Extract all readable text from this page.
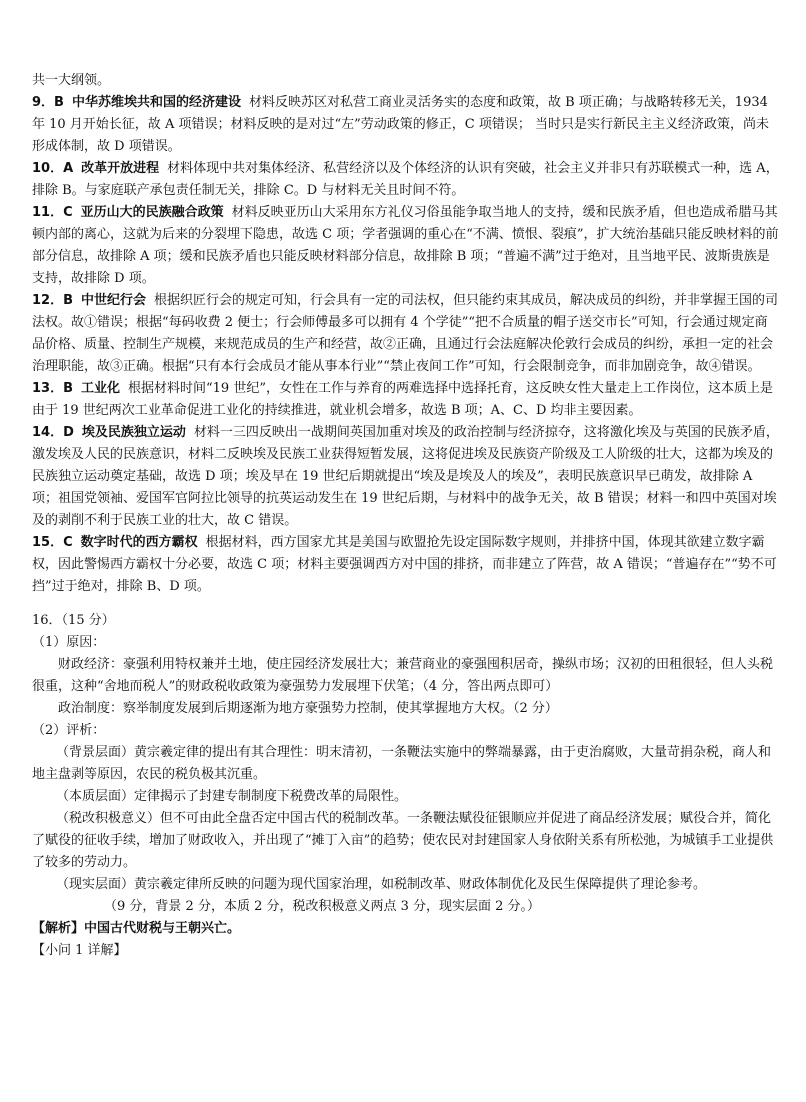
共一大纲领。

9．B 中华苏维埃共和国的经济建设 材料反映苏区对私营工商业灵活务实的态度和政策，故 B 项正确；与战略转移无关，1934 年 10 月开始长征，故 A 项错误；材料反映的是对过“左”劳动政策的修正，C 项错误； 当时只是实行新民主主义经济政策，尚未形成体制，故 D 项错误。

10．A 改革开放进程 材料体现中共对集体经济、私营经济以及个体经济的认识有突破，社会主义并非只有苏联模式一种，选 A，排除 B。与家庭联产承包责任制无关，排除 C。D 与材料无关且时间不符。

11．C 亚历山大的民族融合政策 材料反映亚历山大采用东方礼仪习俗虽能争取当地人的支持，缓和民族矛盾，但也造成希腊马其顿内部的离心，这就为后来的分裂埋下隐患，故选 C 项；学者强调的重心在“不满、愤恨、裂痕”，扩大统治基础只能反映材料的前部分信息，故排除 A 项；缓和民族矛盾也只能反映材料部分信息，故排除 B 项；“普遍不满”过于绝对，且当地平民、波斯贵族是支持，故排除 D 项。

12．B 中世纪行会 根据织匠行会的规定可知，行会具有一定的司法权，但只能约束其成员，解决成员的纠纷，并非掌握王国的司法权。故①错误；根据“每码收费 2 便士；行会师傅最多可以拥有 4 个学徒”“把不合质量的帽子送交市长”可知，行会通过规定商品价格、质量、控制生产规模，来规范成员的生产和经营，故②正确，且通过行会法庭解决伦敦行会成员的纠纷，承担一定的社会治理职能，故③正确。根据“只有本行会成员才能从事本行业”“禁止夜间工作”可知，行会限制竞争，而非加剧竞争，故④错误。

13．B 工业化 根据材料时间“19 世纪”，女性在工作与养育的两难选择中选择托育，这反映女性大量走上工作岗位，这本质上是由于 19 世纪两次工业革命促进工业化的持续推进，就业机会增多，故选 B 项；A、C、D 均非主要因素。

14．D 埃及民族独立运动 材料一三四反映出一战期间英国加重对埃及的政治控制与经济掠夺，这将激化埃及与英国的民族矛盾，激发埃及人民的民族意识，材料二反映埃及民族工业获得短暂发展，这将促进埃及民族资产阶级及工人阶级的壮大，这都为埃及的民族独立运动奠定基础，故选 D 项；埃及早在 19 世纪后期就提出“埃及是埃及人的埃及”，表明民族意识早已萌发，故排除 A 项；祖国党领袖、爱国军官阿拉比领导的抗英运动发生在 19 世纪后期，与材料中的战争无关，故 B 错误；材料一和四中英国对埃及的剥削不利于民族工业的壮大，故 C 错误。

15．C 数字时代的西方霸权 根据材料，西方国家尤其是美国与欧盟抢先设定国际数字规则，并排挤中国，体现其欲建立数字霸权，因此警惕西方霸权十分必要，故选 C 项；材料主要强调西方对中国的排挤，而非建立了阵营，故 A 错误；“普遍存在”“势不可挡”过于绝对，排除 B、D 项。

16．（15 分）

（1）原因：

财政经济：豪强利用特权兼并土地，使庄园经济发展壮大；兼营商业的豪强囤积居奇，操纵市场；汉初的田租很轻，但人头税很重，这种“舍地而税人”的财政税收政策为豪强势力发展埋下伏笔；（4 分，答出两点即可）

政治制度：察举制度发展到后期逐渐为地方豪强势力控制，使其掌握地方大权。（2 分）

（2）评析：

（背景层面）黄宗羲定律的提出有其合理性：明末清初，一条鞭法实施中的弊端暴露，由于吏治腐败，大量苛捐杂税，商人和地主盘剥等原因，农民的税负极其沉重。

（本质层面）定律揭示了封建专制制度下税费改革的局限性。

（税改积极意义）但不可由此全盘否定中国古代的税制改革。一条鞭法赋役征银顺应并促进了商品经济发展；赋役合并，简化了赋役的征收手续，增加了财政收入，并出现了“摊丁入亩”的趋势；使农民对封建国家人身依附关系有所松弛，为城镇手工业提供了较多的劳动力。

（现实层面）黄宗羲定律所反映的问题为现代国家治理，如税制改革、财政体制优化及民生保障提供了理论参考。

（9 分，背景 2 分，本质 2 分，税改积极意义两点 3 分，现实层面 2 分。）

【解析】中国古代财税与王朝兴亡。

【小问 1 详解】
